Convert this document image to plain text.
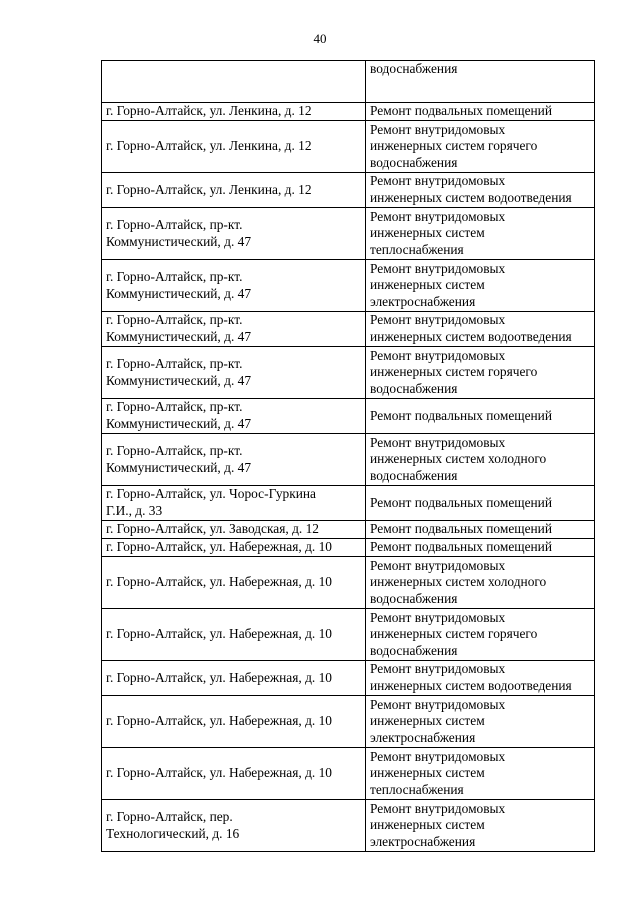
40

	водоснабжения

г. Горно-Алтайск, ул. Ленкина, д. 12	Ремонт подвальных помещений

г. Горно-Алтайск, ул. Ленкина, д. 12	Ремонт внутридомовых
инженерных систем горячего
водоснабжения

г. Горно-Алтайск, ул. Ленкина, д. 12	Ремонт внутридомовых
инженерных систем водоотведения

г. Горно-Алтайск, пр-кт.
Коммунистический, д. 47	Ремонт внутридомовых
инженерных систем
теплоснабжения

г. Горно-Алтайск, пр-кт.
Коммунистический, д. 47	Ремонт внутридомовых
инженерных систем
электроснабжения

г. Горно-Алтайск, пр-кт.
Коммунистический, д. 47	Ремонт внутридомовых
инженерных систем водоотведения

г. Горно-Алтайск, пр-кт.
Коммунистический, д. 47	Ремонт внутридомовых
инженерных систем горячего
водоснабжения

г. Горно-Алтайск, пр-кт.
Коммунистический, д. 47	Ремонт подвальных помещений

г. Горно-Алтайск, пр-кт.
Коммунистический, д. 47	Ремонт внутридомовых
инженерных систем холодного
водоснабжения

г. Горно-Алтайск, ул. Чорос-Гуркина
Г.И., д. 33	Ремонт подвальных помещений

г. Горно-Алтайск, ул. Заводская, д. 12	Ремонт подвальных помещений

г. Горно-Алтайск, ул. Набережная, д. 10	Ремонт подвальных помещений

г. Горно-Алтайск, ул. Набережная, д. 10	Ремонт внутридомовых
инженерных систем холодного
водоснабжения

г. Горно-Алтайск, ул. Набережная, д. 10	Ремонт внутридомовых
инженерных систем горячего
водоснабжения

г. Горно-Алтайск, ул. Набережная, д. 10	Ремонт внутридомовых
инженерных систем водоотведения

г. Горно-Алтайск, ул. Набережная, д. 10	Ремонт внутридомовых
инженерных систем
электроснабжения

г. Горно-Алтайск, ул. Набережная, д. 10	Ремонт внутридомовых
инженерных систем
теплоснабжения

г. Горно-Алтайск, пер.
Технологический, д. 16	Ремонт внутридомовых
инженерных систем
электроснабжения
